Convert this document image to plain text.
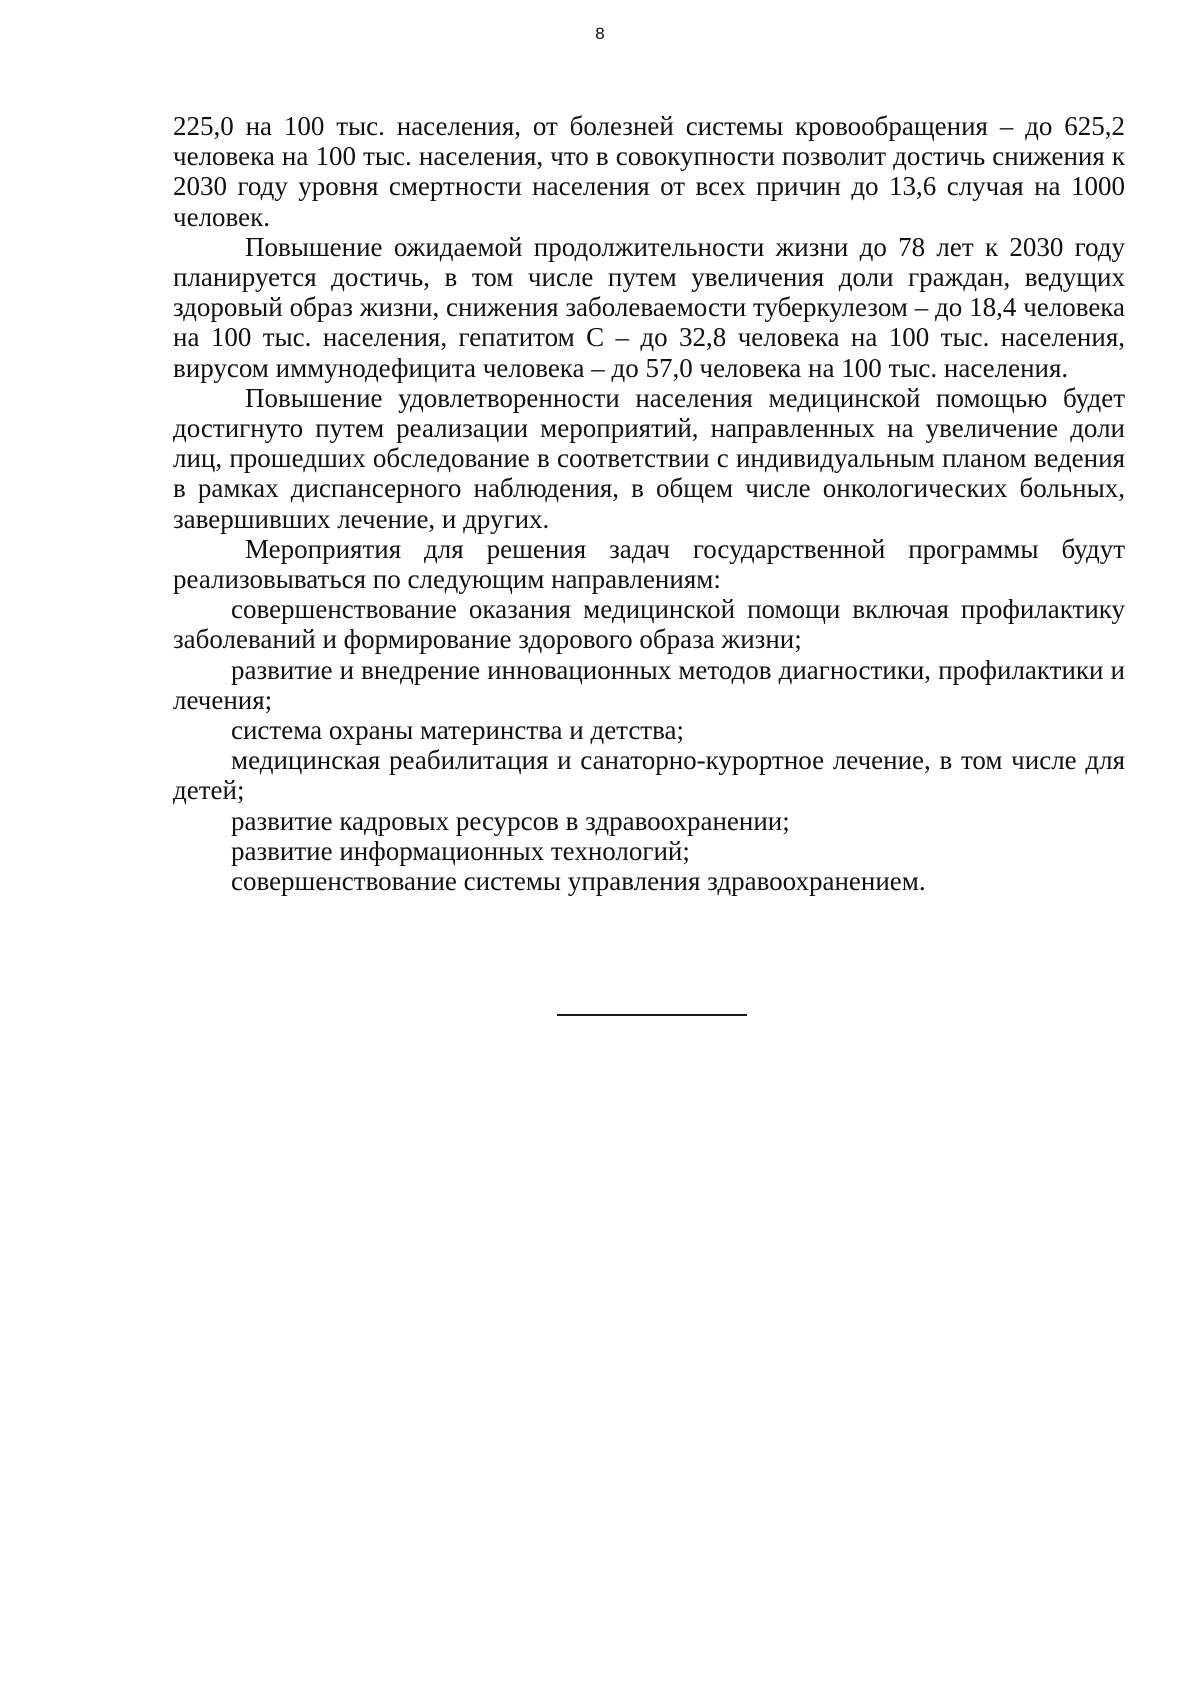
8

225,0 на 100 тыс. населения, от болезней системы кровообращения – до 625,2 человека на 100 тыс. населения, что в совокупности позволит достичь снижения к 2030 году уровня смертности населения от всех причин до 13,6 случая на 1000 человек.

Повышение ожидаемой продолжительности жизни до 78 лет к 2030 году планируется достичь, в том числе путем увеличения доли граждан, ведущих здоровый образ жизни, снижения заболеваемости туберкулезом – до 18,4 человека на 100 тыс. населения, гепатитом C – до 32,8 человека на 100 тыс. населения, вирусом иммунодефицита человека – до 57,0 человека на 100 тыс. населения.

Повышение удовлетворенности населения медицинской помощью будет достигнуто путем реализации мероприятий, направленных на увеличение доли лиц, прошедших обследование в соответствии с индивидуальным планом ведения в рамках диспансерного наблюдения, в общем числе онкологических больных, завершивших лечение, и других.

Мероприятия для решения задач государственной программы будут реализовываться по следующим направлениям:

совершенствование оказания медицинской помощи включая профилактику заболеваний и формирование здорового образа жизни;

развитие и внедрение инновационных методов диагностики, профилактики и лечения;

система охраны материнства и детства;

медицинская реабилитация и санаторно-курортное лечение, в том числе для детей;

развитие кадровых ресурсов в здравоохранении;

развитие информационных технологий;

совершенствование системы управления здравоохранением.
